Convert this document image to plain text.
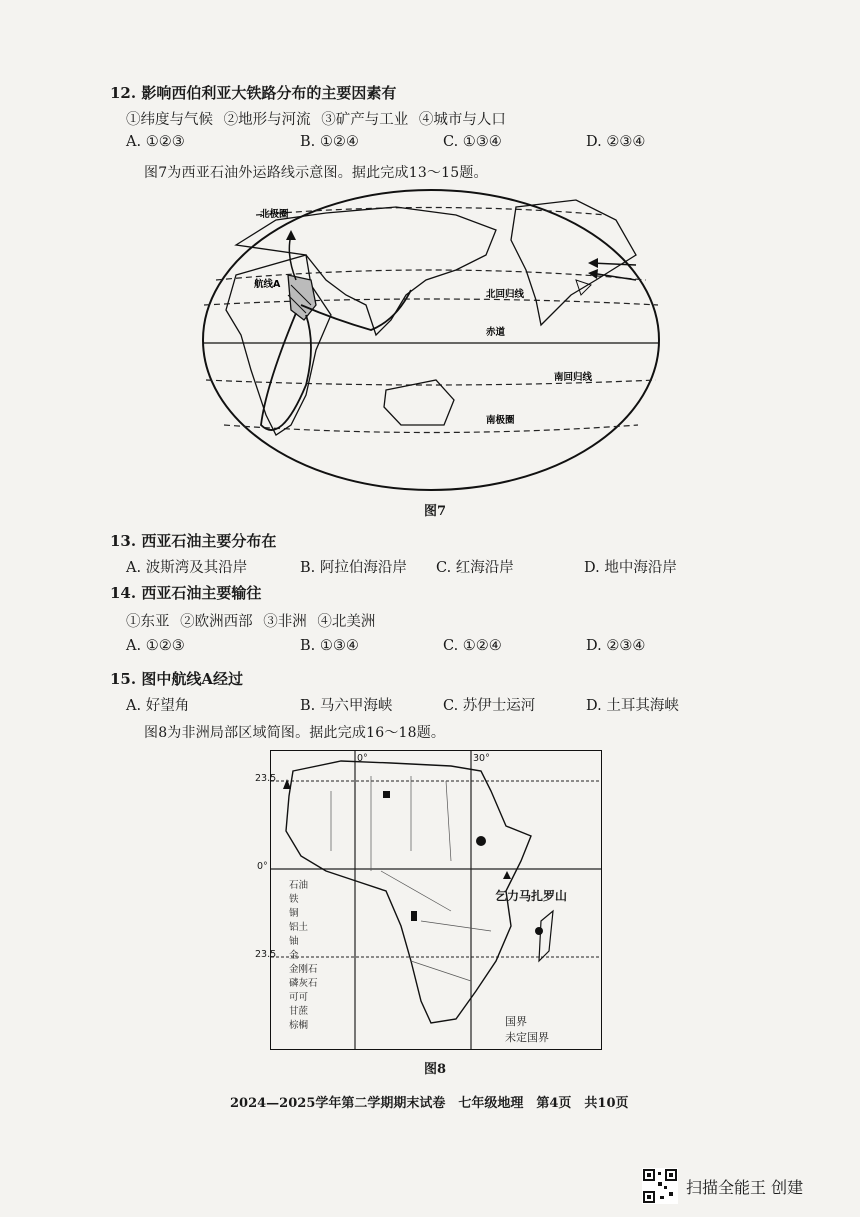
12. 影响西伯利亚大铁路分布的主要因素有
①纬度与气候 ②地形与河流 ③矿产与工业 ④城市与人口
A. ①②③	B. ①②④	C. ①③④	D. ②③④
图7为西亚石油外运路线示意图。据此完成13～15题。
北极圈
航线A
北回归线
赤道
南回归线
南极圈
图7
13. 西亚石油主要分布在
A. 波斯湾及其沿岸	B. 阿拉伯海沿岸 C. 红海沿岸	D. 地中海沿岸
14. 西亚石油主要输往
①东亚 ②欧洲西部 ③非洲 ④北美洲
A. ①②③	B. ①③④	C. ①②④	D. ②③④
15. 图中航线A经过
A. 好望角	B. 马六甲海峡	C. 苏伊士运河	D. 土耳其海峡
图8为非洲局部区域简图。据此完成16～18题。
23.5
0°
23.5
0°	30°
乞力马扎罗山
石油
铁
铜
铝土
铀
金
金刚石
磷灰石
可可
甘蔗
棕榈	国界
未定国界
图8
2024—2025学年第二学期期末试卷　七年级地理　第4页　共10页
扫描全能王 创建
